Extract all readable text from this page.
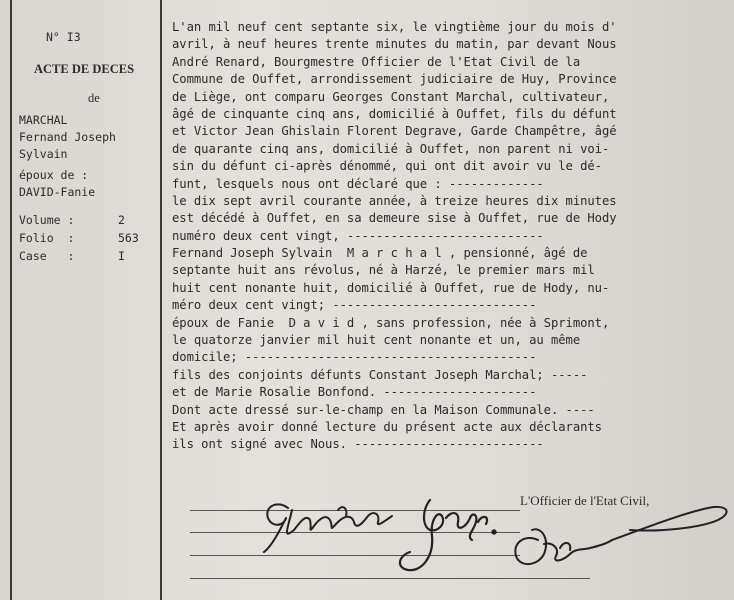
N° I3
ACTE DE DECES
de
MARCHAL
Fernand Joseph
Sylvain
époux de :
DAVID-Fanie
Volume :	2
Folio  :	563
Case   :	I
L'an mil neuf cent septante six, le vingtième jour du mois d'
avril, à neuf heures trente minutes du matin, par devant Nous
André Renard, Bourgmestre Officier de l'Etat Civil de la
Commune de Ouffet, arrondissement judiciaire de Huy, Province
de Liège, ont comparu Georges Constant Marchal, cultivateur,
âgé de cinquante cinq ans, domicilié à Ouffet, fils du défunt
et Victor Jean Ghislain Florent Degrave, Garde Champêtre, âgé
de quarante cinq ans, domicilié à Ouffet, non parent ni voi-
sin du défunt ci-après dénommé, qui ont dit avoir vu le dé-
funt, lesquels nous ont déclaré que : -------------
le dix sept avril courante année, à treize heures dix minutes
est décédé à Ouffet, en sa demeure sise à Ouffet, rue de Hody
numéro deux cent vingt, ---------------------------
Fernand Joseph Sylvain  M a r c h a l , pensionné, âgé de
septante huit ans révolus, né à Harzé, le premier mars mil
huit cent nonante huit, domicilié à Ouffet, rue de Hody, nu-
méro deux cent vingt; ----------------------------
époux de Fanie  D a v i d , sans profession, née à Sprimont,
le quatorze janvier mil huit cent nonante et un, au même
domicile; ----------------------------------------
fils des conjoints défunts Constant Joseph Marchal; -----
et de Marie Rosalie Bonfond. ---------------------
Dont acte dressé sur-le-champ en la Maison Communale. ----
Et après avoir donné lecture du présent acte aux déclarants
ils ont signé avec Nous. --------------------------
L'Officier de l'Etat Civil,
